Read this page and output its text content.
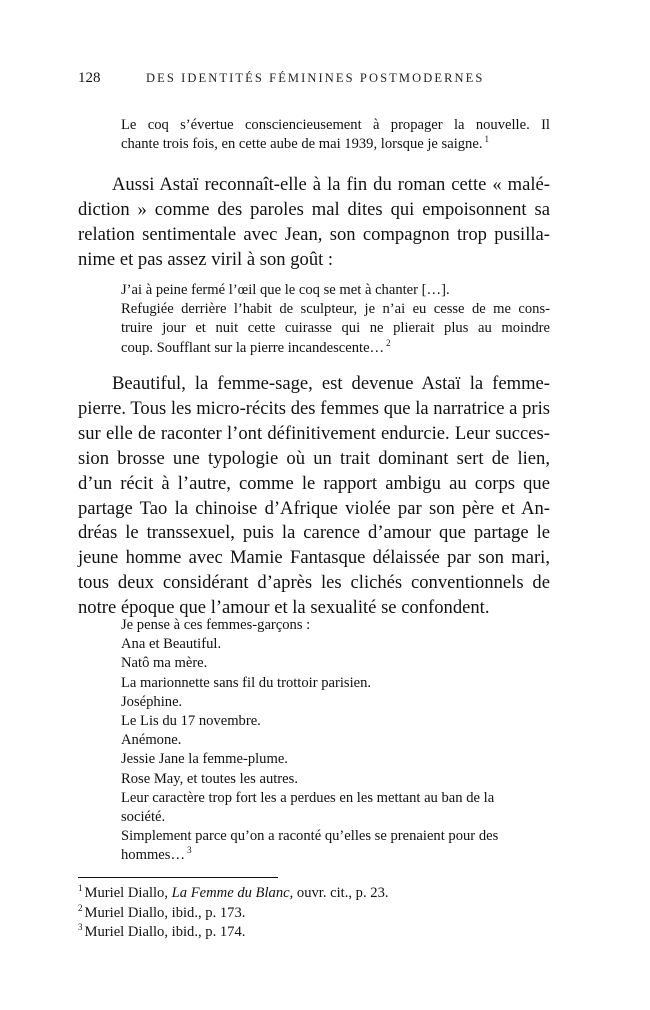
128	DES IDENTITÉS FÉMININES POSTMODERNES
Le coq s’évertue consciencieusement à propager la nouvelle. Il
chante trois fois, en cette aube de mai 1939, lorsque je saigne. $^1$
Aussi Astaï reconnaît-elle à la fin du roman cette « malé-
diction » comme des paroles mal dites qui empoisonnent sa
relation sentimentale avec Jean, son compagnon trop pusilla-
nime et pas assez viril à son goût :
J’ai à peine fermé l’œil que le coq se met à chanter […].
Refugiée derrière l’habit de sculpteur, je n’ai eu cesse de me cons-
truire jour et nuit cette cuirasse qui ne plierait plus au moindre
coup. Soufflant sur la pierre incandescente… $^2$
Beautiful, la femme-sage, est devenue Astaï la femme-
pierre. Tous les micro-récits des femmes que la narratrice a pris
sur elle de raconter l’ont définitivement endurcie. Leur succes-
sion brosse une typologie où un trait dominant sert de lien,
d’un récit à l’autre, comme le rapport ambigu au corps que
partage Tao la chinoise d’Afrique violée par son père et An-
dréas le transsexuel, puis la carence d’amour que partage le
jeune homme avec Mamie Fantasque délaissée par son mari,
tous deux considérant d’après les clichés conventionnels de
notre époque que l’amour et la sexualité se confondent.
Je pense à ces femmes-garçons :
Ana et Beautiful.
Natô ma mère.
La marionnette sans fil du trottoir parisien.
Joséphine.
Le Lis du 17 novembre.
Anémone.
Jessie Jane la femme-plume.
Rose May, et toutes les autres.
Leur caractère trop fort les a perdues en les mettant au ban de la
société.
Simplement parce qu’on a raconté qu’elles se prenaient pour des
hommes… $^3$
$^1$ Muriel Diallo, La Femme du Blanc, ouvr. cit., p. 23.
$^2$ Muriel Diallo, ibid., p. 173.
$^3$ Muriel Diallo, ibid., p. 174.
